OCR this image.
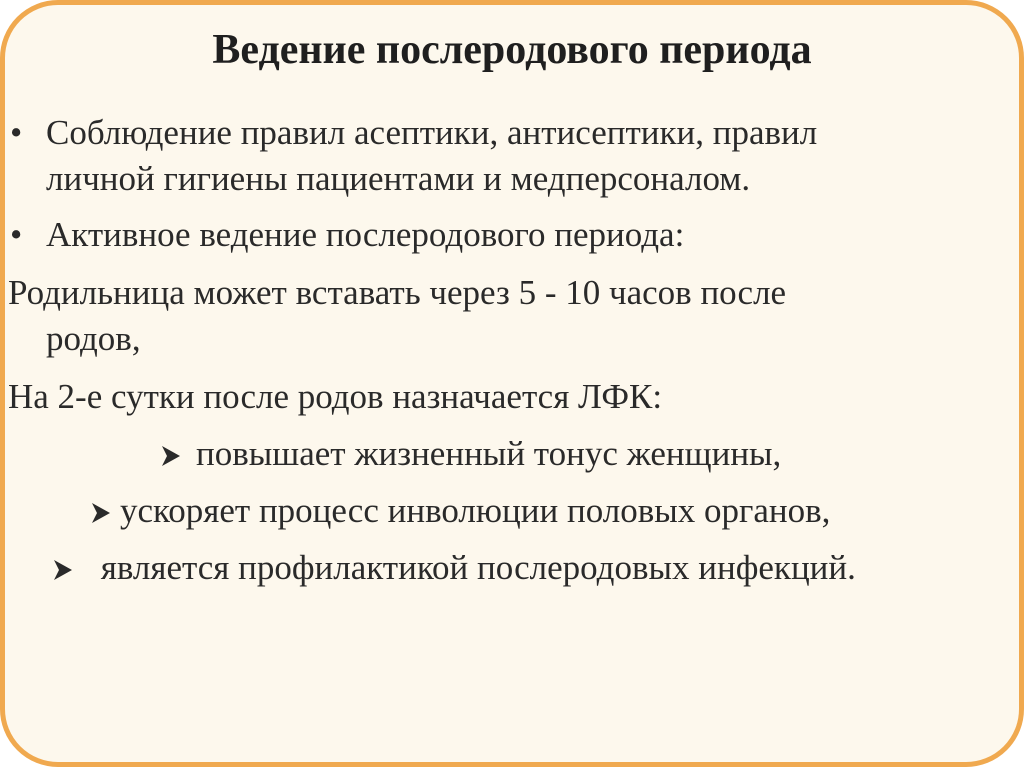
Ведение послеродового периода
• Соблюдение правил асептики, антисептики, правил
личной гигиены пациентами и медперсоналом.
• Активное ведение послеродового периода:
Родильница может вставать через 5 - 10 часов после
родов,
На 2-е сутки после родов назначается ЛФК:
повышает жизненный тонус женщины,
ускоряет процесс инволюции половых органов,
является профилактикой послеродовых инфекций.
